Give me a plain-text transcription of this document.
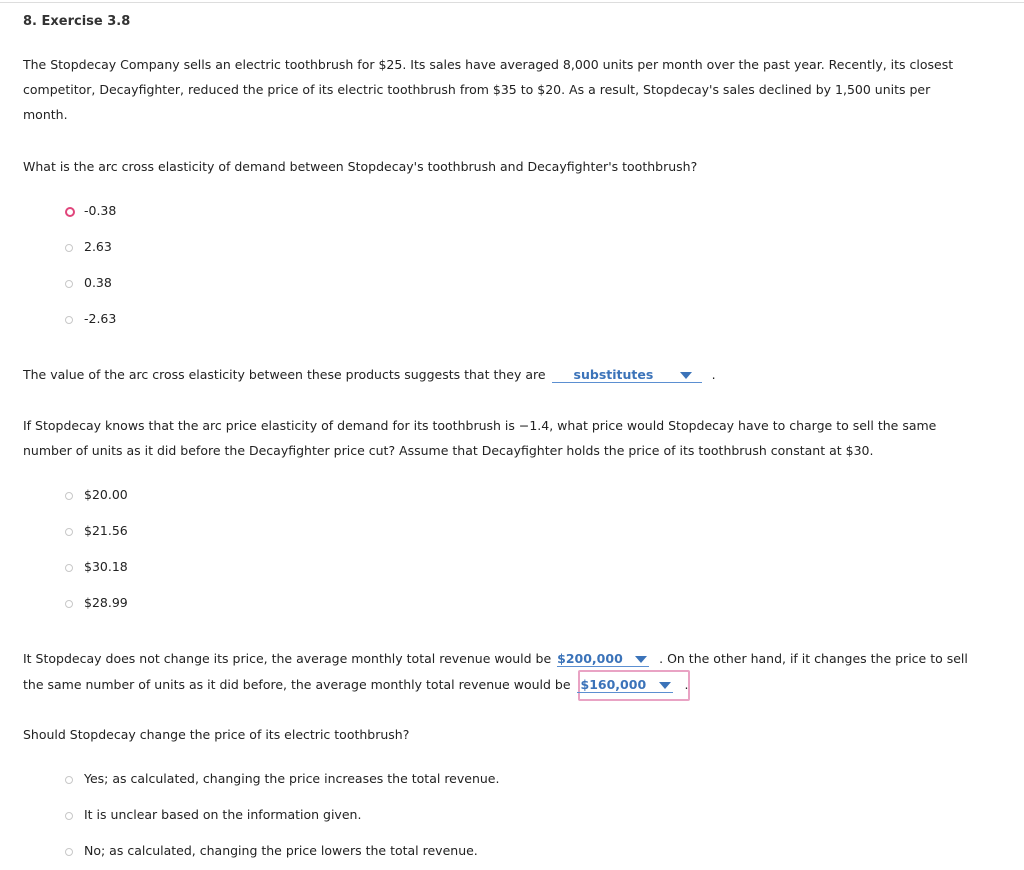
8. Exercise 3.8
The Stopdecay Company sells an electric toothbrush for $25. Its sales have averaged 8,000 units per month over the past year. Recently, its closest
competitor, Decayfighter, reduced the price of its electric toothbrush from $35 to $20. As a result, Stopdecay's sales declined by 1,500 units per
month.
What is the arc cross elasticity of demand between Stopdecay's toothbrush and Decayfighter's toothbrush?
-0.38
2.63
0.38
-2.63
The value of the arc cross elasticity between these products suggests that they are substitutes	.
If Stopdecay knows that the arc price elasticity of demand for its toothbrush is −1.4, what price would Stopdecay have to charge to sell the same
number of units as it did before the Decayfighter price cut? Assume that Decayfighter holds the price of its toothbrush constant at $30.
$20.00
$21.56
$30.18
$28.99
It Stopdecay does not change its price, the average monthly total revenue would be $200,000	. On the other hand, if it changes the price to sell
the same number of units as it did before, the average monthly total revenue would be $160,000	.
Should Stopdecay change the price of its electric toothbrush?
Yes; as calculated, changing the price increases the total revenue.
It is unclear based on the information given.
No; as calculated, changing the price lowers the total revenue.
